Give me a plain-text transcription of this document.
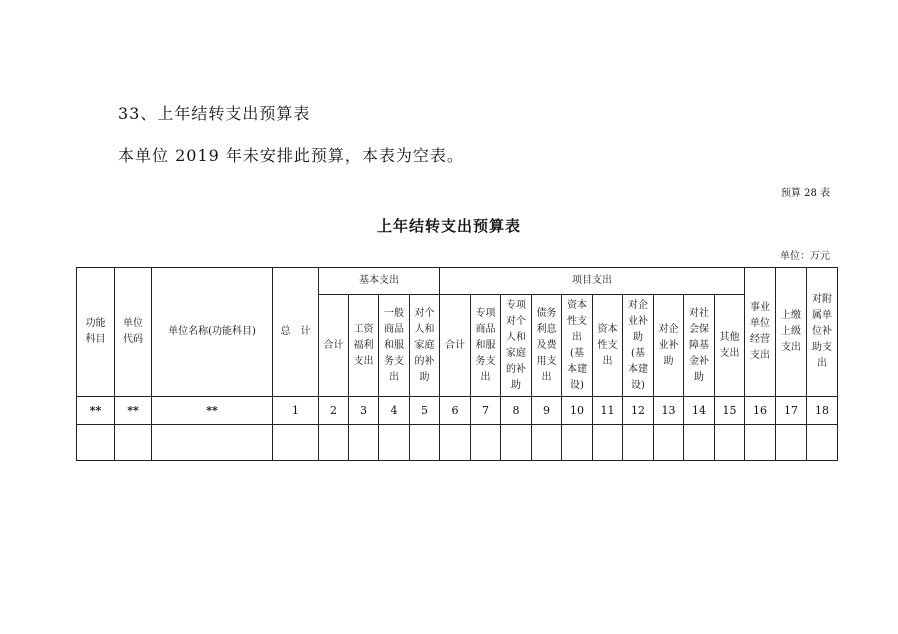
33、上年结转支出预算表
本单位 2019 年未安排此预算，本表为空表。
预算 28 表
上年结转支出预算表
单位：万元
功能科目	单位代码	单位名称(功能科目)	总　计	基本支出				项目支出										事业单位经营支出	上缴上级支出	对附属单位补助支出
				合计	工资福利支出	一般商品和服务支出	对个人和家庭的补助	合计	专项商品和服务支出	专项对个人和家庭的补助	债务利息及费用支出	资本性支出(基本建设)	资本性支出	对企业补助(基本建设)	对企业补助	对社会保障基金补助	其他支出			
**	**	**	1	2	3	4	5	6	7	8	9	10	11	12	13	14	15	16	17	18
